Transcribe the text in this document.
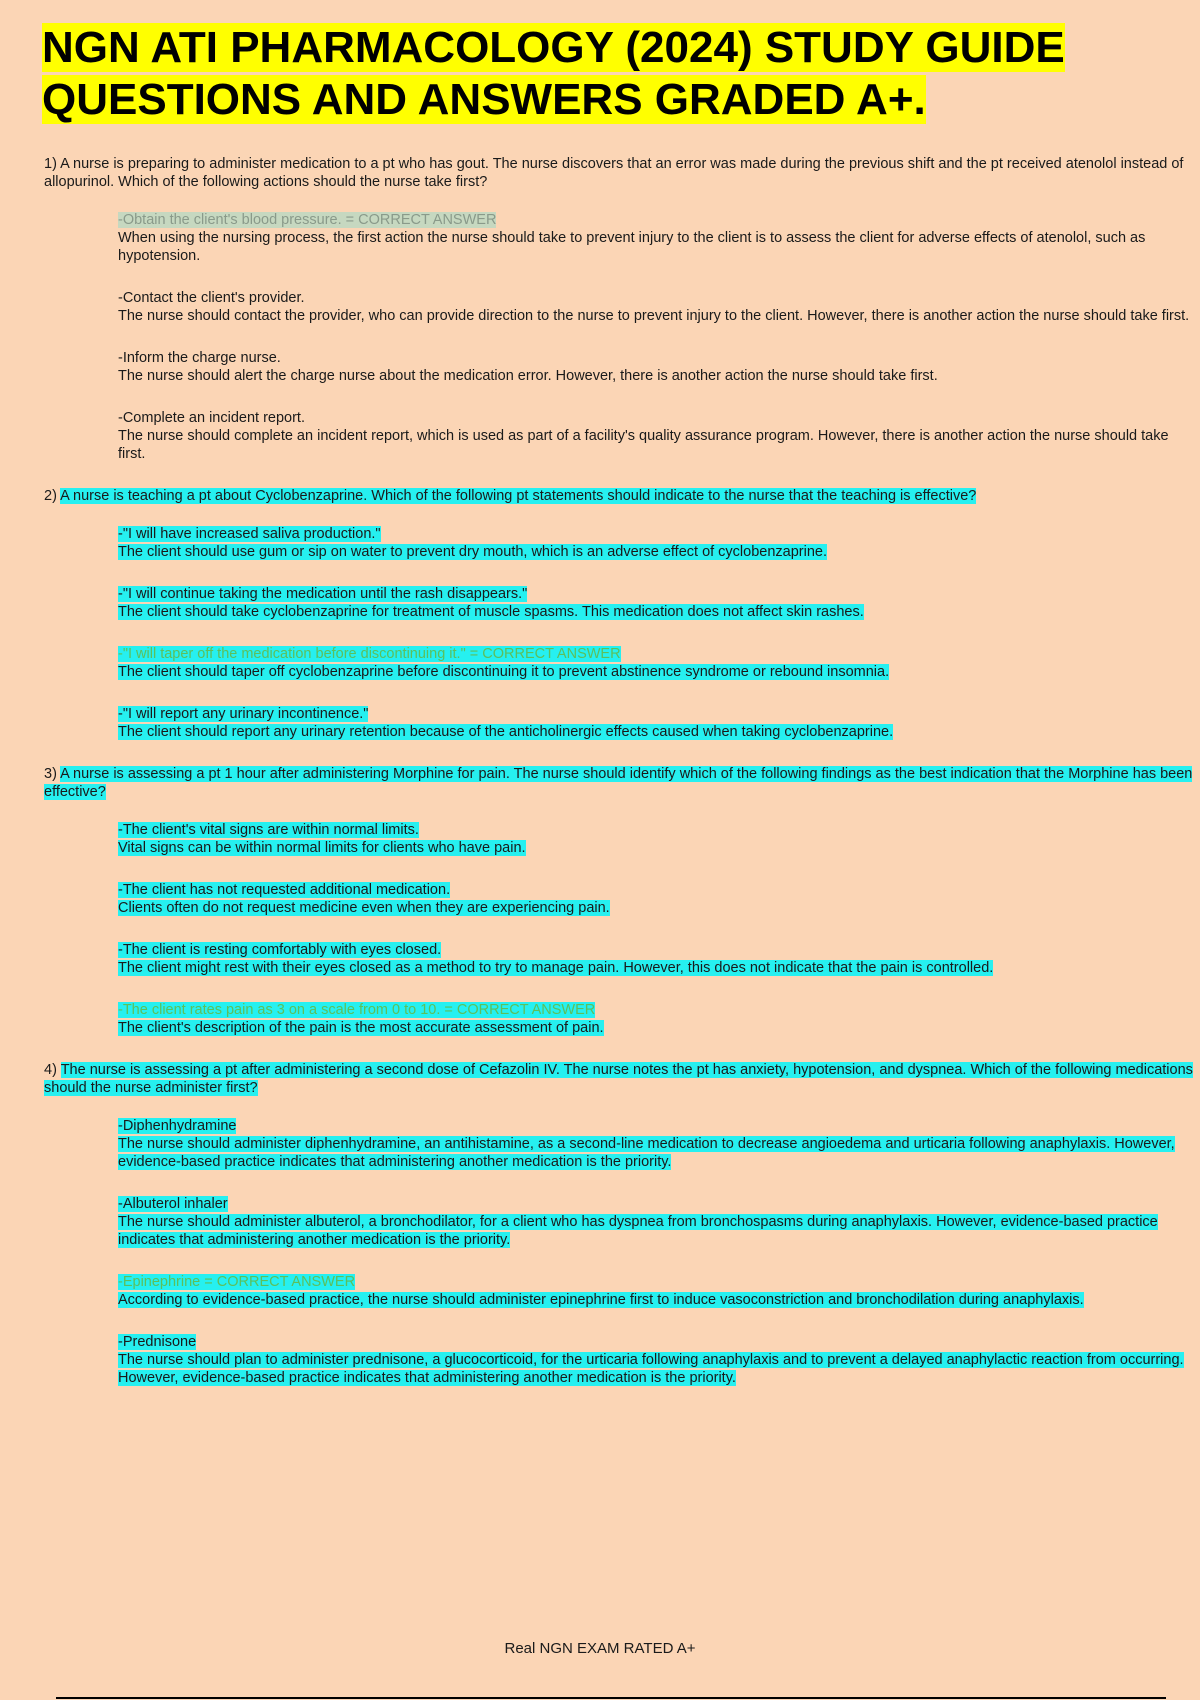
NGN ATI PHARMACOLOGY (2024) STUDY GUIDE
QUESTIONS AND ANSWERS GRADED A+.

1) A nurse is preparing to administer medication to a pt who has gout. The nurse discovers that an error was made during the previous shift and the pt received atenolol instead of allopurinol. Which of the following actions should the nurse take first?

-Obtain the client's blood pressure. = CORRECT ANSWER
When using the nursing process, the first action the nurse should take to prevent injury to the client is to assess the client for adverse effects of atenolol, such as hypotension.
-Contact the client's provider.
The nurse should contact the provider, who can provide direction to the nurse to prevent injury to the client. However, there is another action the nurse should take first.
-Inform the charge nurse.
The nurse should alert the charge nurse about the medication error. However, there is another action the nurse should take first.
-Complete an incident report.
The nurse should complete an incident report, which is used as part of a facility's quality assurance program. However, there is another action the nurse should take first.

2) A nurse is teaching a pt about Cyclobenzaprine. Which of the following pt statements should indicate to the nurse that the teaching is effective?

-"I will have increased saliva production."
The client should use gum or sip on water to prevent dry mouth, which is an adverse effect of cyclobenzaprine.
-"I will continue taking the medication until the rash disappears."
The client should take cyclobenzaprine for treatment of muscle spasms. This medication does not affect skin rashes.
-"I will taper off the medication before discontinuing it." = CORRECT ANSWER
The client should taper off cyclobenzaprine before discontinuing it to prevent abstinence syndrome or rebound insomnia.
-"I will report any urinary incontinence."
The client should report any urinary retention because of the anticholinergic effects caused when taking cyclobenzaprine.

3) A nurse is assessing a pt 1 hour after administering Morphine for pain. The nurse should identify which of the following findings as the best indication that the Morphine has been effective?

-The client's vital signs are within normal limits.
Vital signs can be within normal limits for clients who have pain.
-The client has not requested additional medication.
Clients often do not request medicine even when they are experiencing pain.
-The client is resting comfortably with eyes closed.
The client might rest with their eyes closed as a method to try to manage pain. However, this does not indicate that the pain is controlled.
-The client rates pain as 3 on a scale from 0 to 10. = CORRECT ANSWER
The client's description of the pain is the most accurate assessment of pain.

4) The nurse is assessing a pt after administering a second dose of Cefazolin IV. The nurse notes the pt has anxiety, hypotension, and dyspnea. Which of the following medications should the nurse administer first?

-Diphenhydramine
The nurse should administer diphenhydramine, an antihistamine, as a second-line medication to decrease angioedema and urticaria following anaphylaxis. However, evidence-based practice indicates that administering another medication is the priority.
-Albuterol inhaler
The nurse should administer albuterol, a bronchodilator, for a client who has dyspnea from bronchospasms during anaphylaxis. However, evidence-based practice indicates that administering another medication is the priority.
-Epinephrine = CORRECT ANSWER
According to evidence-based practice, the nurse should administer epinephrine first to induce vasoconstriction and bronchodilation during anaphylaxis.
-Prednisone
The nurse should plan to administer prednisone, a glucocorticoid, for the urticaria following anaphylaxis and to prevent a delayed anaphylactic reaction from occurring. However, evidence-based practice indicates that administering another medication is the priority.
Real NGN EXAM RATED A+
